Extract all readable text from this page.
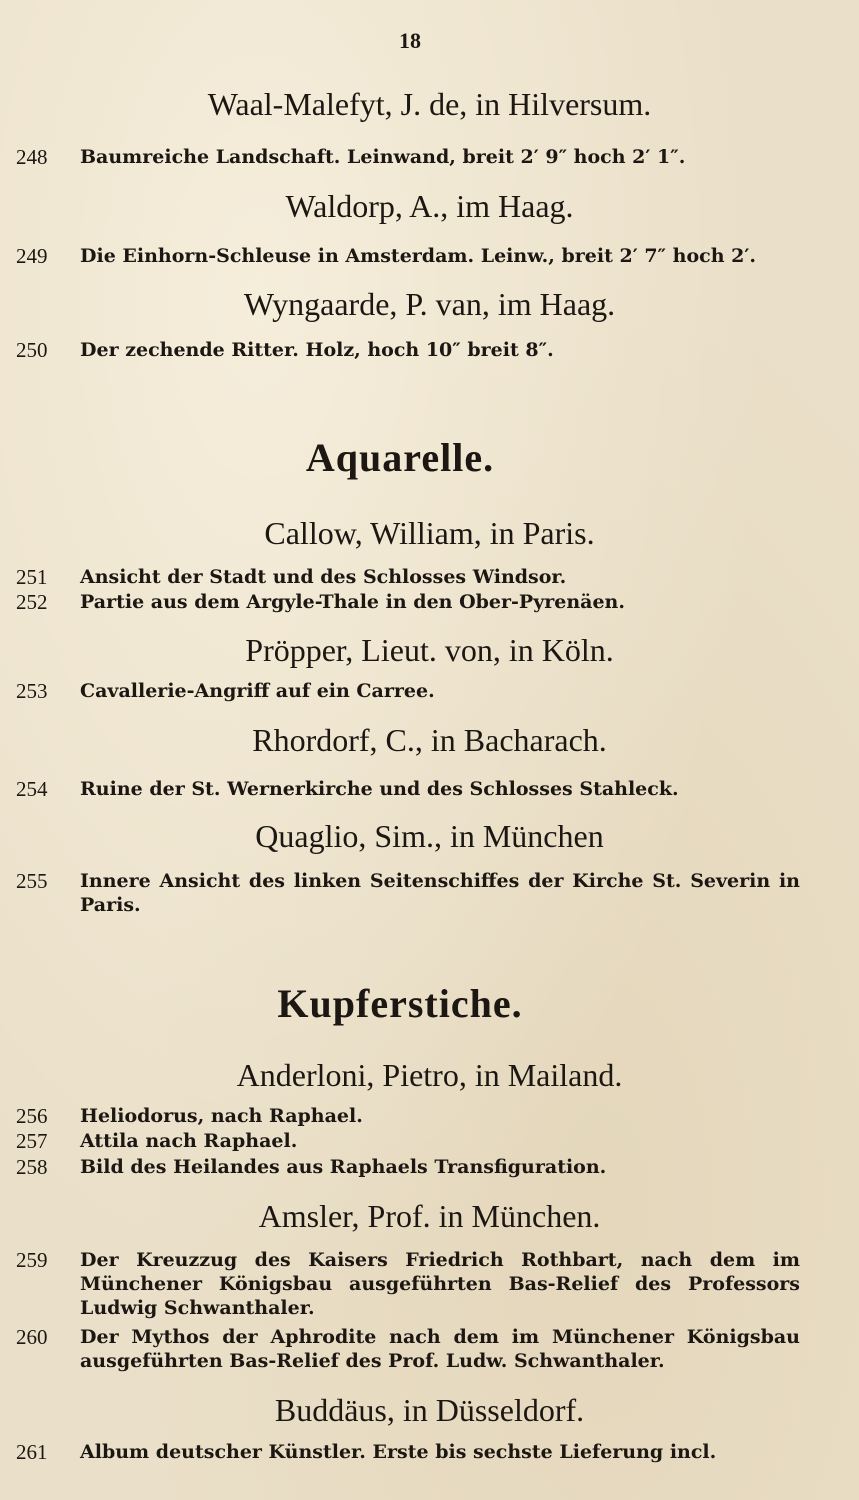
18
Waal-Malefyt, J. de, in Hilversum.
248 Baumreiche Landschaft. Leinwand, breit 2′ 9″ hoch 2′ 1″.
Waldorp, A., im Haag.
249 Die Einhorn-Schleuse in Amsterdam. Leinw., breit 2′ 7″ hoch 2′.
Wyngaarde, P. van, im Haag.
250 Der zechende Ritter. Holz, hoch 10″ breit 8″.
Aquarelle.
Callow, William, in Paris.
251 Ansicht der Stadt und des Schlosses Windsor.
252 Partie aus dem Argyle-Thale in den Ober-Pyrenäen.
Pröpper, Lieut. von, in Köln.
253 Cavallerie-Angriff auf ein Carree.
Rhordorf, C., in Bacharach.
254 Ruine der St. Wernerkirche und des Schlosses Stahleck.
Quaglio, Sim., in München
255 Innere Ansicht des linken Seitenschiffes der Kirche St. Severin in Paris.
Kupferstiche.
Anderloni, Pietro, in Mailand.
256 Heliodorus, nach Raphael.
257 Attila nach Raphael.
258 Bild des Heilandes aus Raphaels Transfiguration.
Amsler, Prof. in München.
259 Der Kreuzzug des Kaisers Friedrich Rothbart, nach dem im Münchener Königsbau ausgeführten Bas-Relief des Professors Ludwig Schwanthaler.
260 Der Mythos der Aphrodite nach dem im Münchener Königsbau ausgeführten Bas-Relief des Prof. Ludw. Schwanthaler.
Buddäus, in Düsseldorf.
261 Album deutscher Künstler. Erste bis sechste Lieferung incl.
